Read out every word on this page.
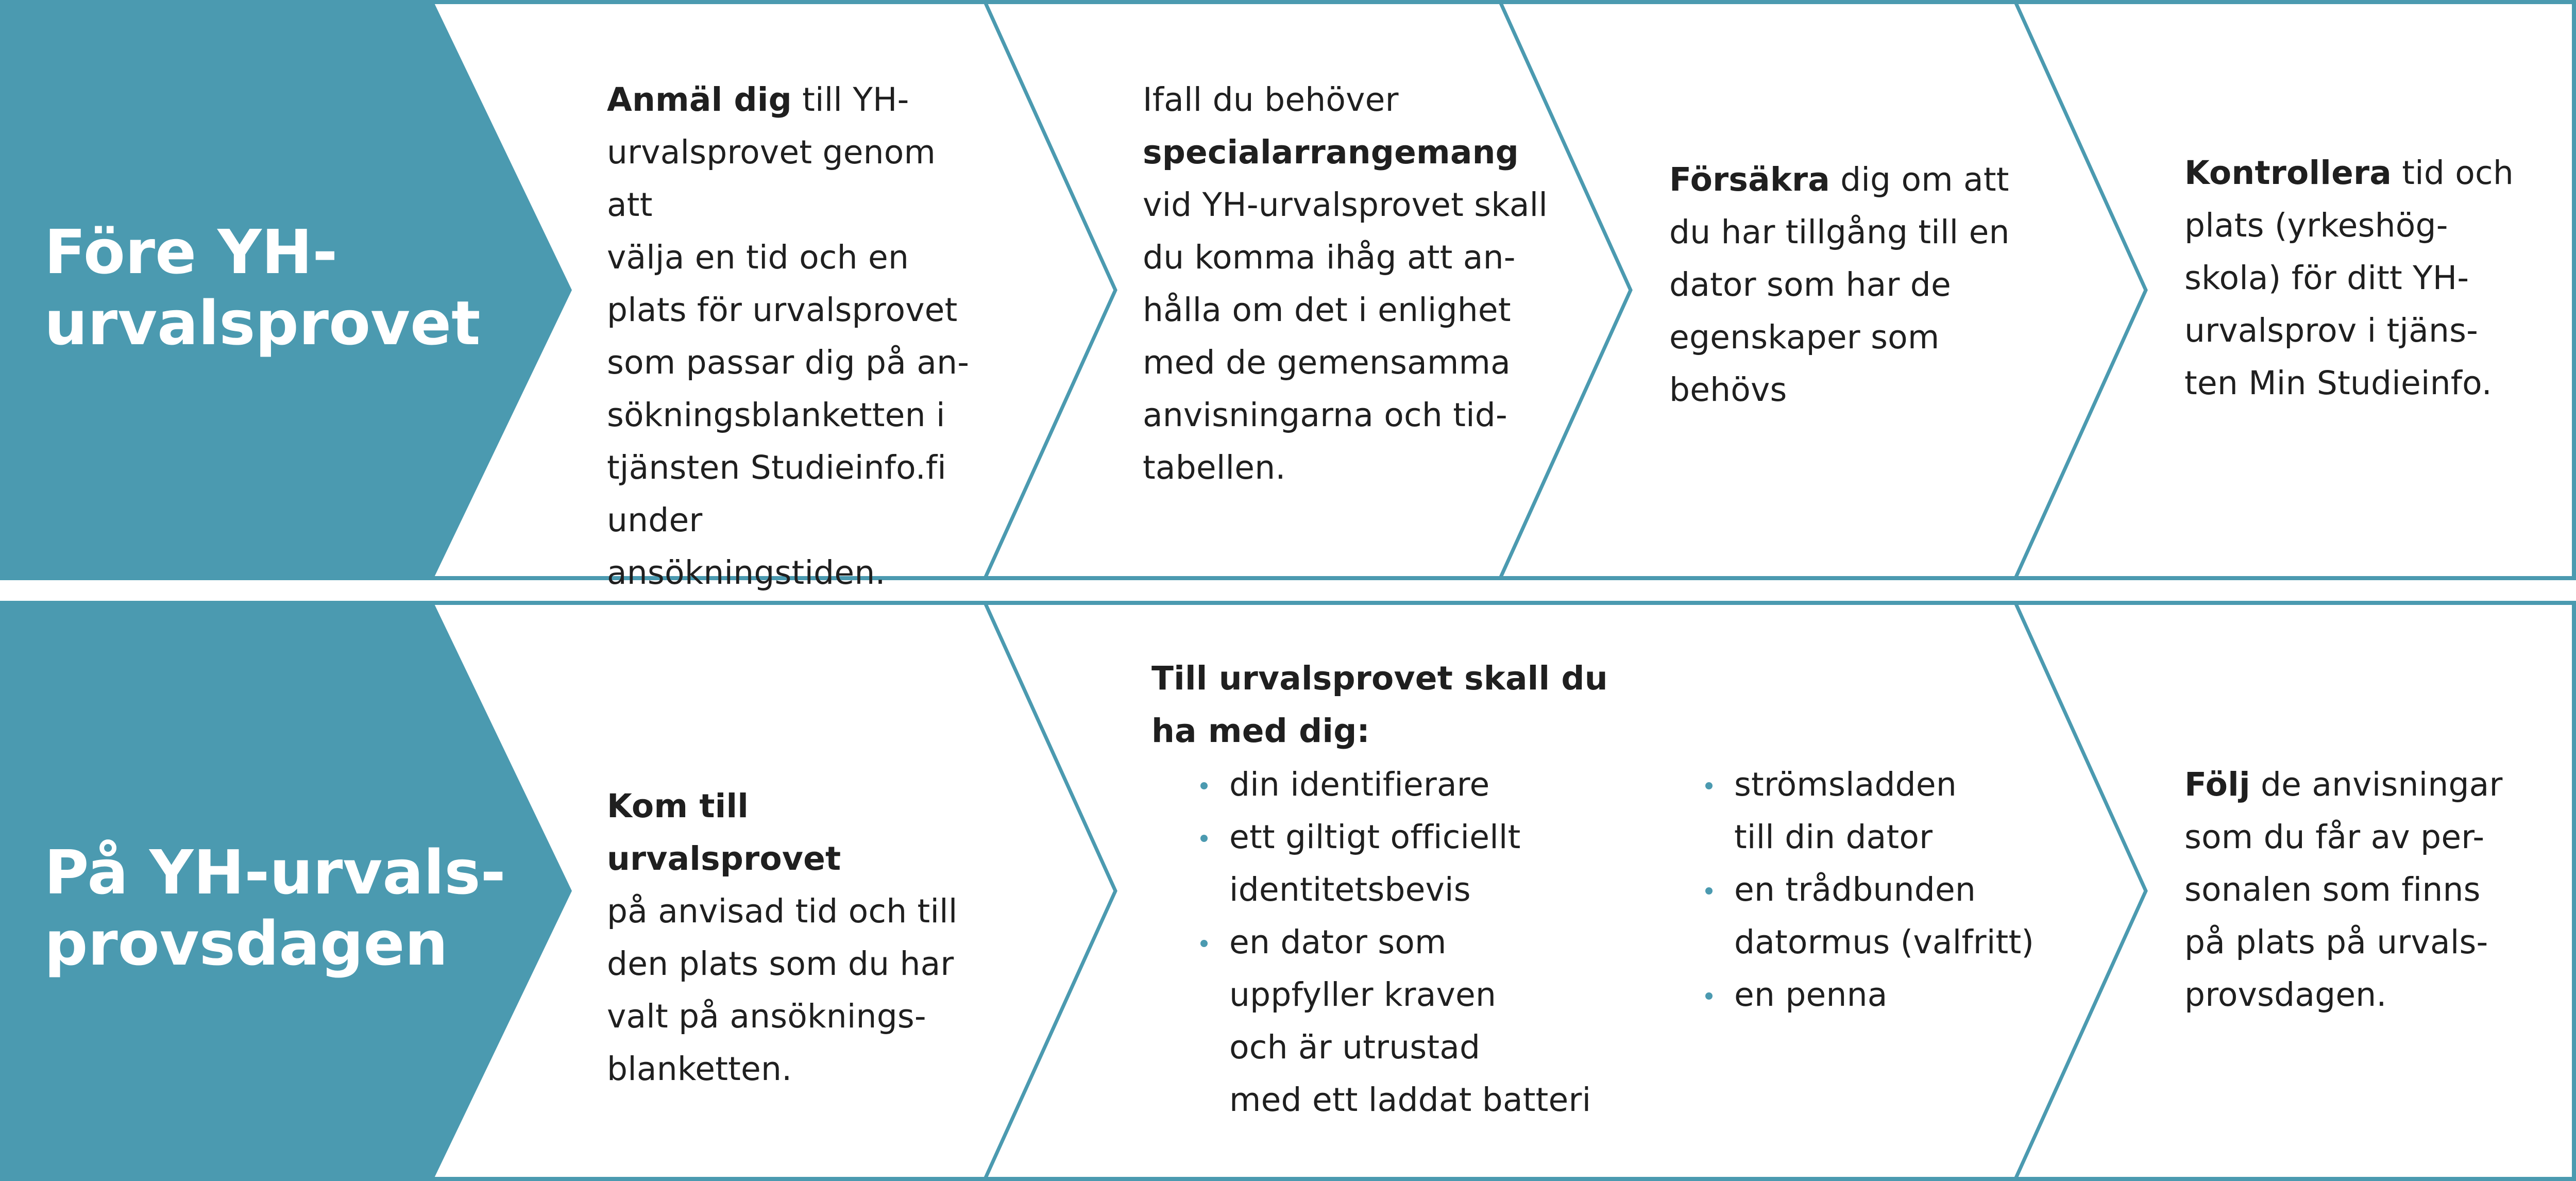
Före YH-
urvalsprovet
Anmäl dig till YH-
urvalsprovet genom att
välja en tid och en
plats för urvalsprovet
som passar dig på an-
sökningsblanketten i
tjänsten Studieinfo.fi
under ansökningstiden.
Ifall du behöver
specialarrangemang
vid YH-urvalsprovet skall
du komma ihåg att an-
hålla om det i enlighet
med de gemensamma
anvisningarna och tid-
tabellen.
Försäkra dig om att
du har tillgång till en
dator som har de
egenskaper som
behövs
Kontrollera tid och
plats (yrkeshög-
skola) för ditt YH-
urvalsprov i tjäns-
ten Min Studieinfo.
På YH-urvals-
provsdagen
Kom till urvalsprovet
på anvisad tid och till
den plats som du har
valt på ansöknings-
blanketten.
Till urvalsprovet skall du
ha med dig:
din identifierare
ett giltigt officiellt
identitetsbevis
en dator som
uppfyller kraven
och är utrustad
med ett laddat batteri
strömsladden
till din dator
en trådbunden
datormus (valfritt)
en penna
Följ de anvisningar
som du får av per-
sonalen som finns
på plats på urvals-
provsdagen.
